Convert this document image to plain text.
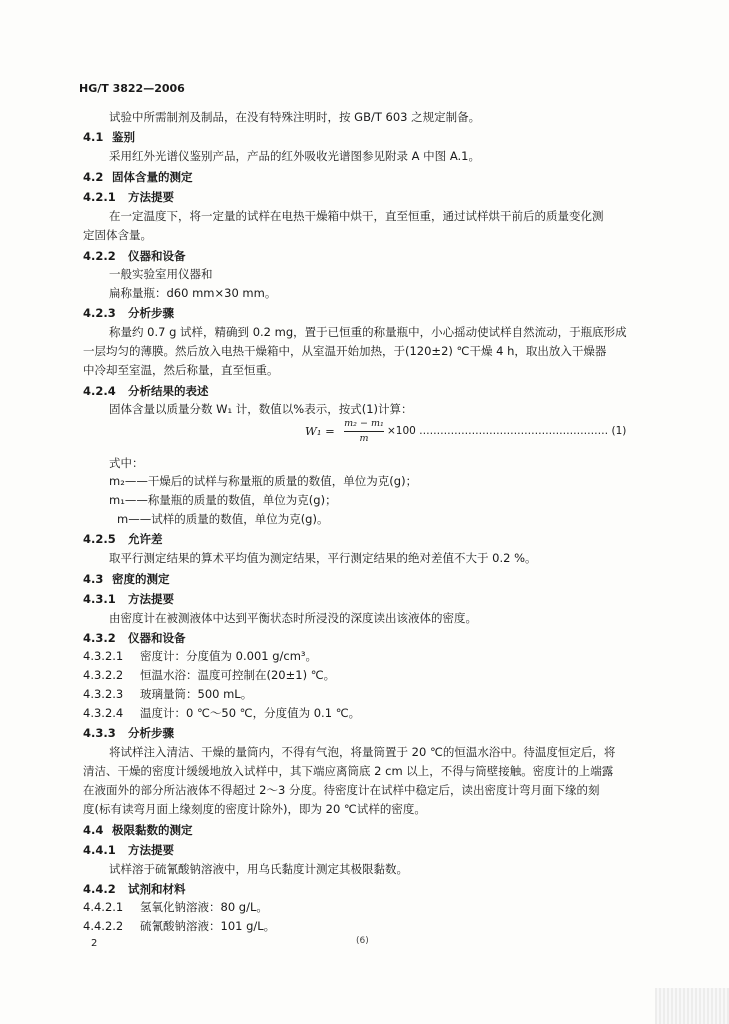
HG/T 3822—2006
试验中所需制剂及制品，在没有特殊注明时，按 GB/T 603 之规定制备。
4.1 鉴别
采用红外光谱仪鉴别产品，产品的红外吸收光谱图参见附录 A 中图 A.1。
4.2 固体含量的测定
4.2.1 方法提要
在一定温度下，将一定量的试样在电热干燥箱中烘干，直至恒重，通过试样烘干前后的质量变化测
定固体含量。
4.2.2 仪器和设备
一般实验室用仪器和
扁称量瓶：d60 mm×30 mm。
4.2.3 分析步骤
称量约 0.7 g 试样，精确到 0.2 mg，置于已恒重的称量瓶中，小心摇动使试样自然流动，于瓶底形成
一层均匀的薄膜。然后放入电热干燥箱中，从室温开始加热，于(120±2) ℃干燥 4 h，取出放入干燥器
中冷却至室温，然后称量，直至恒重。
4.2.4 分析结果的表述
固体含量以质量分数 W₁ 计，数值以%表示，按式(1)计算：
W₁ =
m₂ − m₁
m
×100 ……………………………………………… (1)
式中：
m₂——干燥后的试样与称量瓶的质量的数值，单位为克(g)；
m₁——称量瓶的质量的数值，单位为克(g)；
m——试样的质量的数值，单位为克(g)。
4.2.5 允许差
取平行测定结果的算术平均值为测定结果，平行测定结果的绝对差值不大于 0.2 %。
4.3 密度的测定
4.3.1 方法提要
由密度计在被测液体中达到平衡状态时所浸没的深度读出该液体的密度。
4.3.2 仪器和设备
4.3.2.1 密度计：分度值为 0.001 g/cm³。
4.3.2.2 恒温水浴：温度可控制在(20±1) ℃。
4.3.2.3 玻璃量筒：500 mL。
4.3.2.4 温度计：0 ℃～50 ℃，分度值为 0.1 ℃。
4.3.3 分析步骤
将试样注入清洁、干燥的量筒内，不得有气泡，将量筒置于 20 ℃的恒温水浴中。待温度恒定后，将
清洁、干燥的密度计缓缓地放入试样中，其下端应离筒底 2 cm 以上，不得与筒壁接触。密度计的上端露
在液面外的部分所沾液体不得超过 2～3 分度。待密度计在试样中稳定后，读出密度计弯月面下缘的刻
度(标有读弯月面上缘刻度的密度计除外)，即为 20 ℃试样的密度。
4.4 极限黏数的测定
4.4.1 方法提要
试样溶于硫氰酸钠溶液中，用乌氏黏度计测定其极限黏数。
4.4.2 试剂和材料
4.4.2.1 氢氧化钠溶液：80 g/L。
4.4.2.2 硫氰酸钠溶液：101 g/L。
2	(6)
